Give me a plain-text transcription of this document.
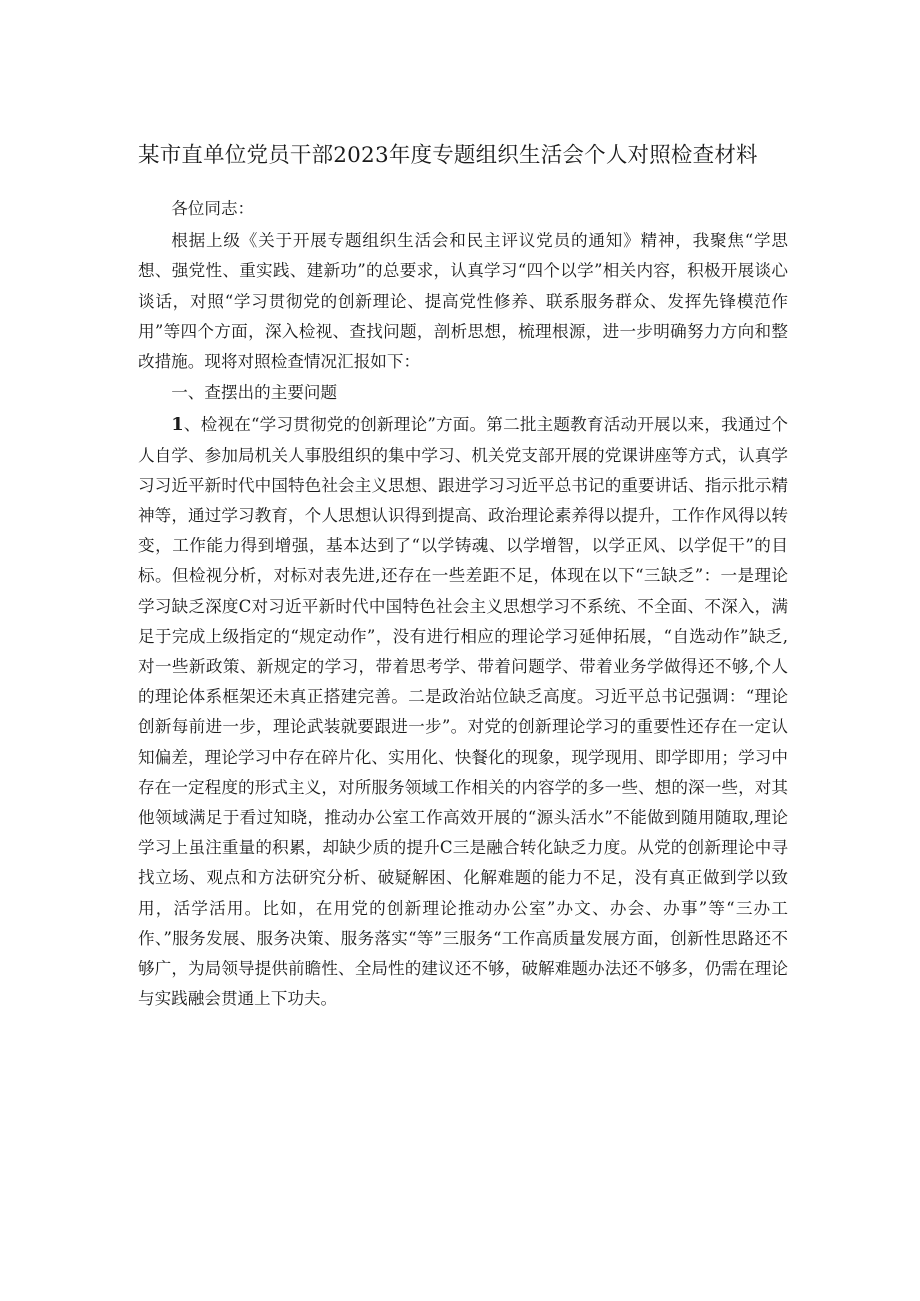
某市直单位党员干部2023年度专题组织生活会个人对照检查材料

各位同志：

根据上级《关于开展专题组织生活会和民主评议党员的通知》精神，我聚焦“学思想、强党性、重实践、建新功”的总要求，认真学习“四个以学”相关内容，积极开展谈心谈话，对照“学习贯彻党的创新理论、提高党性修养、联系服务群众、发挥先锋模范作用”等四个方面，深入检视、查找问题，剖析思想，梳理根源，进一步明确努力方向和整改措施。现将对照检查情况汇报如下：

一、查摆出的主要问题

1、检视在“学习贯彻党的创新理论”方面。第二批主题教育活动开展以来，我通过个人自学、参加局机关人事股组织的集中学习、机关党支部开展的党课讲座等方式，认真学习习近平新时代中国特色社会主义思想、跟进学习习近平总书记的重要讲话、指示批示精神等，通过学习教育，个人思想认识得到提高、政治理论素养得以提升，工作作风得以转变，工作能力得到增强，基本达到了“以学铸魂、以学增智，以学正风、以学促干”的目标。但检视分析，对标对表先进,还存在一些差距不足，体现在以下“三缺乏”：一是理论学习缺乏深度C对习近平新时代中国特色社会主义思想学习不系统、不全面、不深入，满足于完成上级指定的“规定动作”，没有进行相应的理论学习延伸拓展，“自选动作”缺乏,对一些新政策、新规定的学习，带着思考学、带着问题学、带着业务学做得还不够,个人的理论体系框架还未真正搭建完善。二是政治站位缺乏高度。习近平总书记强调：“理论创新每前进一步，理论武装就要跟进一步”。对党的创新理论学习的重要性还存在一定认知偏差，理论学习中存在碎片化、实用化、快餐化的现象，现学现用、即学即用；学习中存在一定程度的形式主义，对所服务领域工作相关的内容学的多一些、想的深一些，对其他领域满足于看过知晓，推动办公室工作高效开展的“源头活水”不能做到随用随取,理论学习上虽注重量的积累，却缺少质的提升C三是融合转化缺乏力度。从党的创新理论中寻找立场、观点和方法研究分析、破疑解困、化解难题的能力不足，没有真正做到学以致用，活学活用。比如，在用党的创新理论推动办公室”办文、办会、办事”等“三办工作、”服务发展、服务决策、服务落实“等”三服务“工作高质量发展方面，创新性思路还不够广，为局领导提供前瞻性、全局性的建议还不够，破解难题办法还不够多，仍需在理论与实践融会贯通上下功夫。
